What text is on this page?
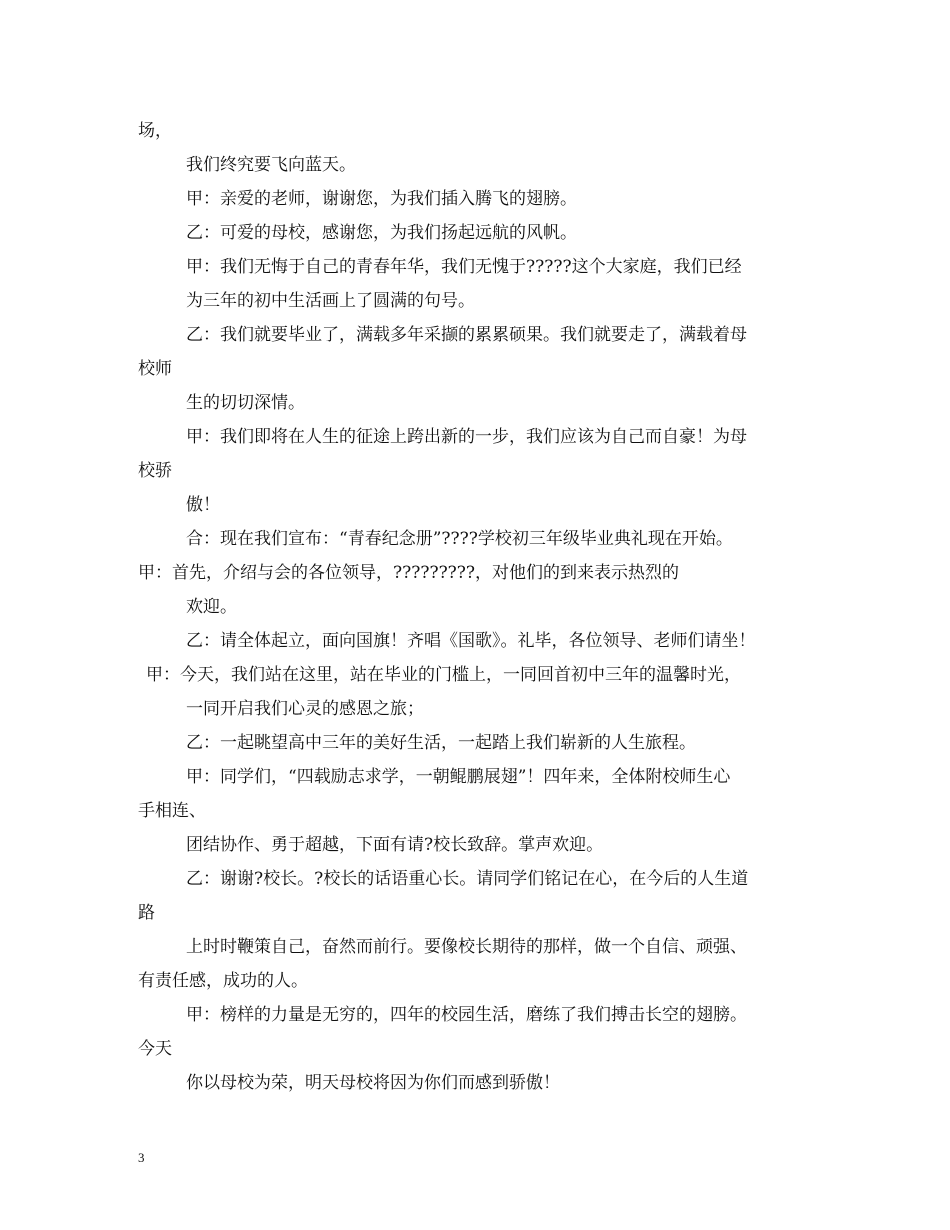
场，
我们终究要飞向蓝天。
甲：亲爱的老师，谢谢您，为我们插入腾飞的翅膀。
乙：可爱的母校，感谢您，为我们扬起远航的风帆。
甲：我们无悔于自己的青春年华，我们无愧于?????这个大家庭，我们已经
为三年的初中生活画上了圆满的句号。
乙：我们就要毕业了，满载多年采撷的累累硕果。我们就要走了，满载着母
校师
生的切切深情。
甲：我们即将在人生的征途上跨出新的一步，我们应该为自己而自豪！为母
校骄
傲！
合：现在我们宣布：“青春纪念册”????学校初三年级毕业典礼现在开始。
甲：首先，介绍与会的各位领导，?????????，对他们的到来表示热烈的
欢迎。
乙：请全体起立，面向国旗！齐唱《国歌》。礼毕，各位领导、老师们请坐！
甲：今天，我们站在这里，站在毕业的门槛上，一同回首初中三年的温馨时光，
一同开启我们心灵的感恩之旅；
乙：一起眺望高中三年的美好生活，一起踏上我们崭新的人生旅程。
甲：同学们，“四载励志求学，一朝鲲鹏展翅”！四年来，全体附校师生心
手相连、
团结协作、勇于超越，下面有请?校长致辞。掌声欢迎。
乙：谢谢?校长。?校长的话语重心长。请同学们铭记在心，在今后的人生道
路
上时时鞭策自己，奋然而前行。要像校长期待的那样，做一个自信、顽强、
有责任感，成功的人。
甲：榜样的力量是无穷的，四年的校园生活，磨练了我们搏击长空的翅膀。
今天
你以母校为荣，明天母校将因为你们而感到骄傲！
3
